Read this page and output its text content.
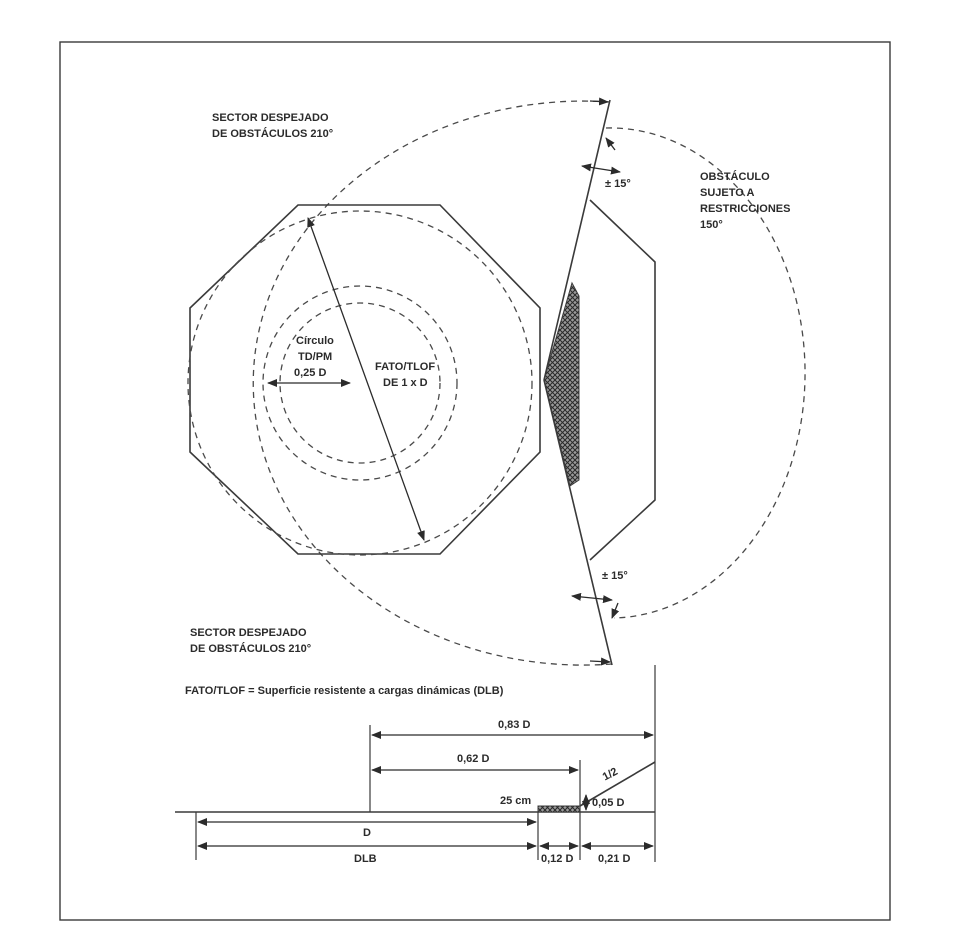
SECTOR DESPEJADO
DE OBSTÁCULOS 210°
SECTOR DESPEJADO
DE OBSTÁCULOS 210°
OBSTÁCULO
SUJETO A
RESTRICCIONES
150°
Círculo
TD/PM
0,25 D	FATO/TLOF
DE 1 x D
± 15°
± 15°
FATO/TLOF = Superficie resistente a cargas dinámicas (DLB)
0,83 D
0,62 D
1/2
25 cm	0,05 D
D
DLB	0,12 D 0,21 D
